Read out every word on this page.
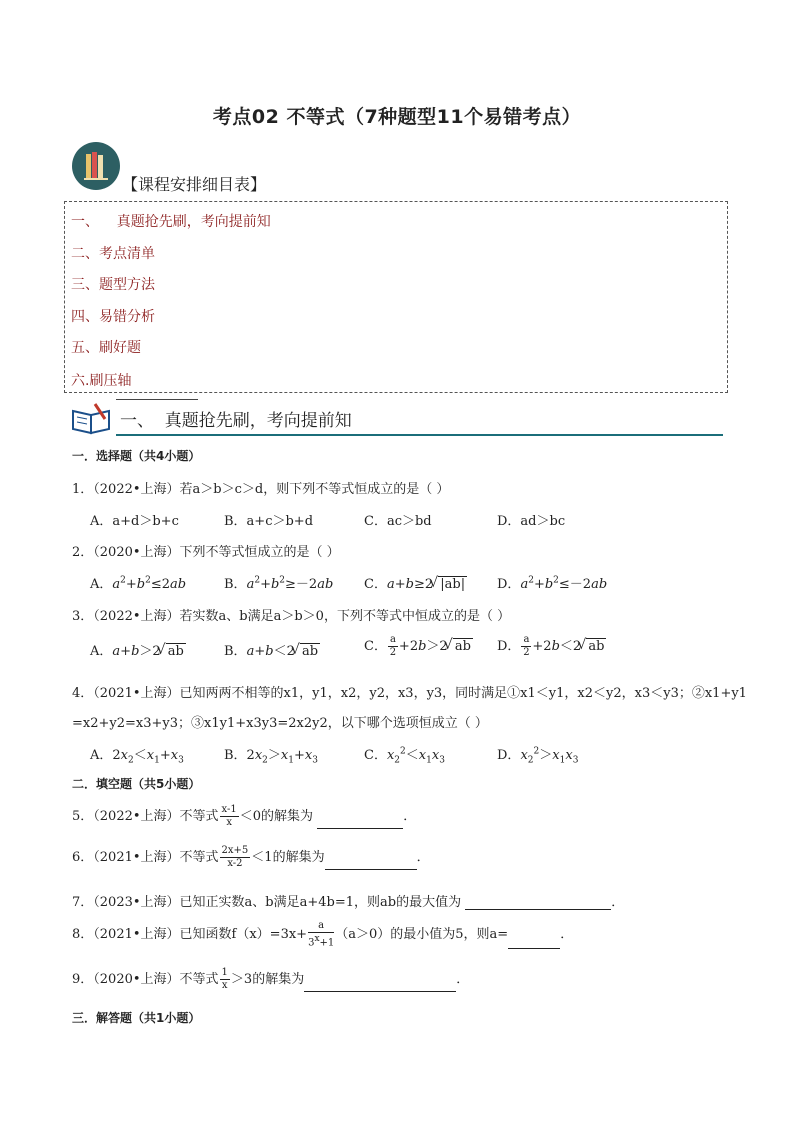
考点02 不等式（7种题型11个易错考点）
【课程安排细目表】
一、    真题抢先刷，考向提前知
二、考点清单
三、题型方法
四、易错分析
五、刷好题
六.刷压轴
一、  真题抢先刷，考向提前知
一．选择题（共4小题）
1．（2022•上海）若a＞b＞c＞d，则下列不等式恒成立的是（ ）
A．a+d＞b+c	B．a+c＞b+d	C．ac＞bd	D．ad＞bc
2．（2020•上海）下列不等式恒成立的是（ ）
A．$a^2+b^2\le 2ab$	B．$a^2+b^2\ge-2ab$ C．a+b≥2 √ |ab| D．$a^2+b^2\le-2ab$
3．（2022•上海）若实数a、b满足a＞b＞0，下列不等式中恒成立的是（ ）
A．a+b＞2 √ ab	B．a+b＜2 √ ab	C． $\frac{a}{2} +2b>2$ √ ab D． $\frac{a}{2} +2b<2$ √ ab
4．（2021•上海）已知两两不相等的x1，y1，x2，y2，x3，y3，同时满足①x1＜y1，x2＜y2，x3＜y3；②x1+y1
=x2+y2=x3+y3；③x1y1+x3y3=2x2y2，以下哪个选项恒成立（ ）
A．$2x_2<x_1+x_3$	B．$2x_2>x_1+x_3$	C．$x_2^2<x_1x_3$	D．$x_2^2>x_1x_3$
二．填空题（共5小题）
5．（2022•上海）不等式 $\frac{x-1}{x} <0$的解集为	．
6．（2021•上海）不等式 $\frac{2x+5}{x-2} <1$的解集为	．
7．（2023•上海）已知正实数a、b满足a+4b=1，则ab的最大值为	．
8．（2021•上海）已知函数$f(x)=3x+ \frac{a}{3^x+1} (a>0)$的最小值为5，则a=	．
9．（2020•上海）不等式 $\frac{1}{x} >3$的解集为	．
三．解答题（共1小题）
